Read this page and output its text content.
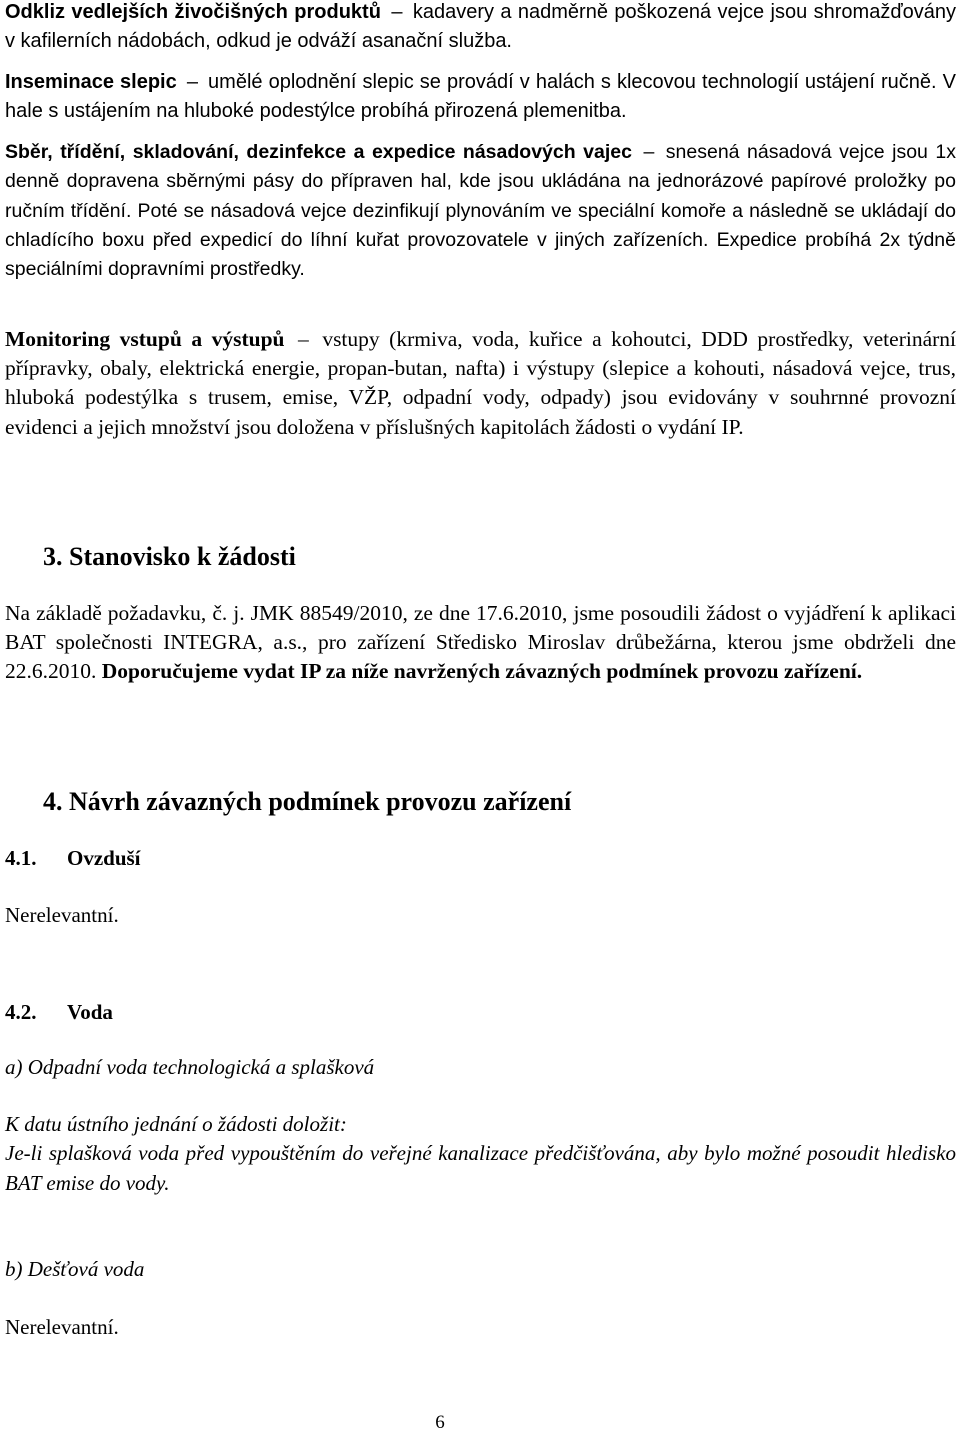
Odkliz vedlejších živočišných produktů – kadavery a nadměrně poškozená vejce jsou shromažďovány v kafilerních nádobách, odkud je odváží asanační služba.

Inseminace slepic – umělé oplodnění slepic se provádí v halách s klecovou technologií ustájení ručně. V hale s ustájením na hluboké podestýlce probíhá přirozená plemenitba.

Sběr, třídění, skladování, dezinfekce a expedice násadových vajec – snesená násadová vejce jsou 1x denně dopravena sběrnými pásy do přípraven hal, kde jsou ukládána na jednorázové papírové proložky po ručním třídění. Poté se násadová vejce dezinfikují plynováním ve speciální komoře a následně se ukládají do chladícího boxu před expedicí do líhní kuřat provozovatele v jiných zařízeních. Expedice probíhá 2x týdně speciálními dopravními prostředky.

Monitoring vstupů a výstupů – vstupy (krmiva, voda, kuřice a kohoutci, DDD prostředky, veterinární přípravky, obaly, elektrická energie, propan-butan, nafta) i výstupy (slepice a kohouti, násadová vejce, trus, hluboká podestýlka s trusem, emise, VŽP, odpadní vody, odpady) jsou evidovány v souhrnné provozní evidenci a jejich množství jsou doložena v příslušných kapitolách žádosti o vydání IP.

3. Stanovisko k žádosti

Na základě požadavku, č. j. JMK 88549/2010, ze dne 17.6.2010, jsme posoudili žádost o vyjádření k aplikaci BAT společnosti INTEGRA, a.s., pro zařízení Středisko Miroslav drůbežárna, kterou jsme obdrželi dne 22.6.2010. Doporučujeme vydat IP za níže navržených závazných podmínek provozu zařízení.

4. Návrh závazných podmínek provozu zařízení
4.1. Ovzduší

Nerelevantní.

4.2. Voda

a) Odpadní voda technologická a splašková

K datu ústního jednání o žádosti doložit:

Je-li splašková voda před vypouštěním do veřejné kanalizace předčišťována, aby bylo možné posoudit hledisko BAT emise do vody.

b) Dešťová voda

Nerelevantní.

6
